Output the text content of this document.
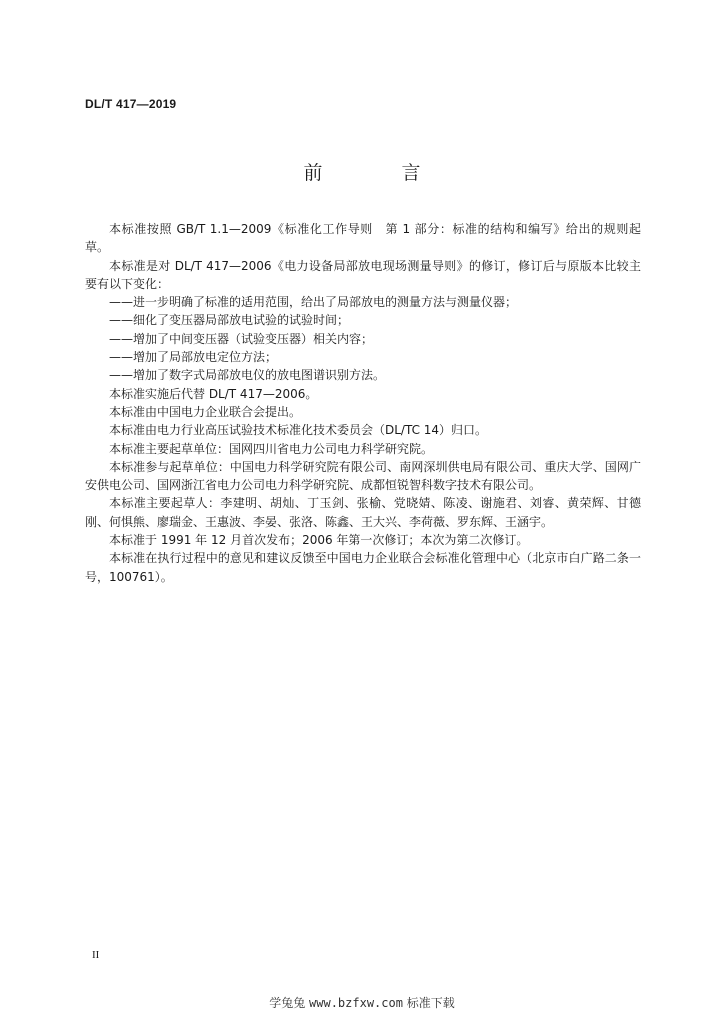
DL/T 417—2019
前　言

本标准按照 GB/T 1.1—2009《标准化工作导则　第 1 部分：标准的结构和编写》给出的规则起草。

本标准是对 DL/T 417—2006《电力设备局部放电现场测量导则》的修订，修订后与原版本比较主要有以下变化：

——进一步明确了标准的适用范围，给出了局部放电的测量方法与测量仪器；

——细化了变压器局部放电试验的试验时间；

——增加了中间变压器（试验变压器）相关内容；

——增加了局部放电定位方法；

——增加了数字式局部放电仪的放电图谱识别方法。

本标准实施后代替 DL/T 417—2006。

本标准由中国电力企业联合会提出。

本标准由电力行业高压试验技术标准化技术委员会（DL/TC 14）归口。

本标准主要起草单位：国网四川省电力公司电力科学研究院。

本标准参与起草单位：中国电力科学研究院有限公司、南网深圳供电局有限公司、重庆大学、国网广安供电公司、国网浙江省电力公司电力科学研究院、成都恒锐智科数字技术有限公司。

本标准主要起草人：李建明、胡灿、丁玉剑、张榆、党晓婧、陈凌、谢施君、刘睿、黄荣辉、甘德刚、何惧熊、廖瑞金、王惠波、李晏、张洛、陈鑫、王大兴、李荷薇、罗东辉、王涵宇。

本标准于 1991 年 12 月首次发布；2006 年第一次修订；本次为第二次修订。

本标准在执行过程中的意见和建议反馈至中国电力企业联合会标准化管理中心（北京市白广路二条一号，100761）。

II
学兔兔 www.bzfxw.com 标准下载
